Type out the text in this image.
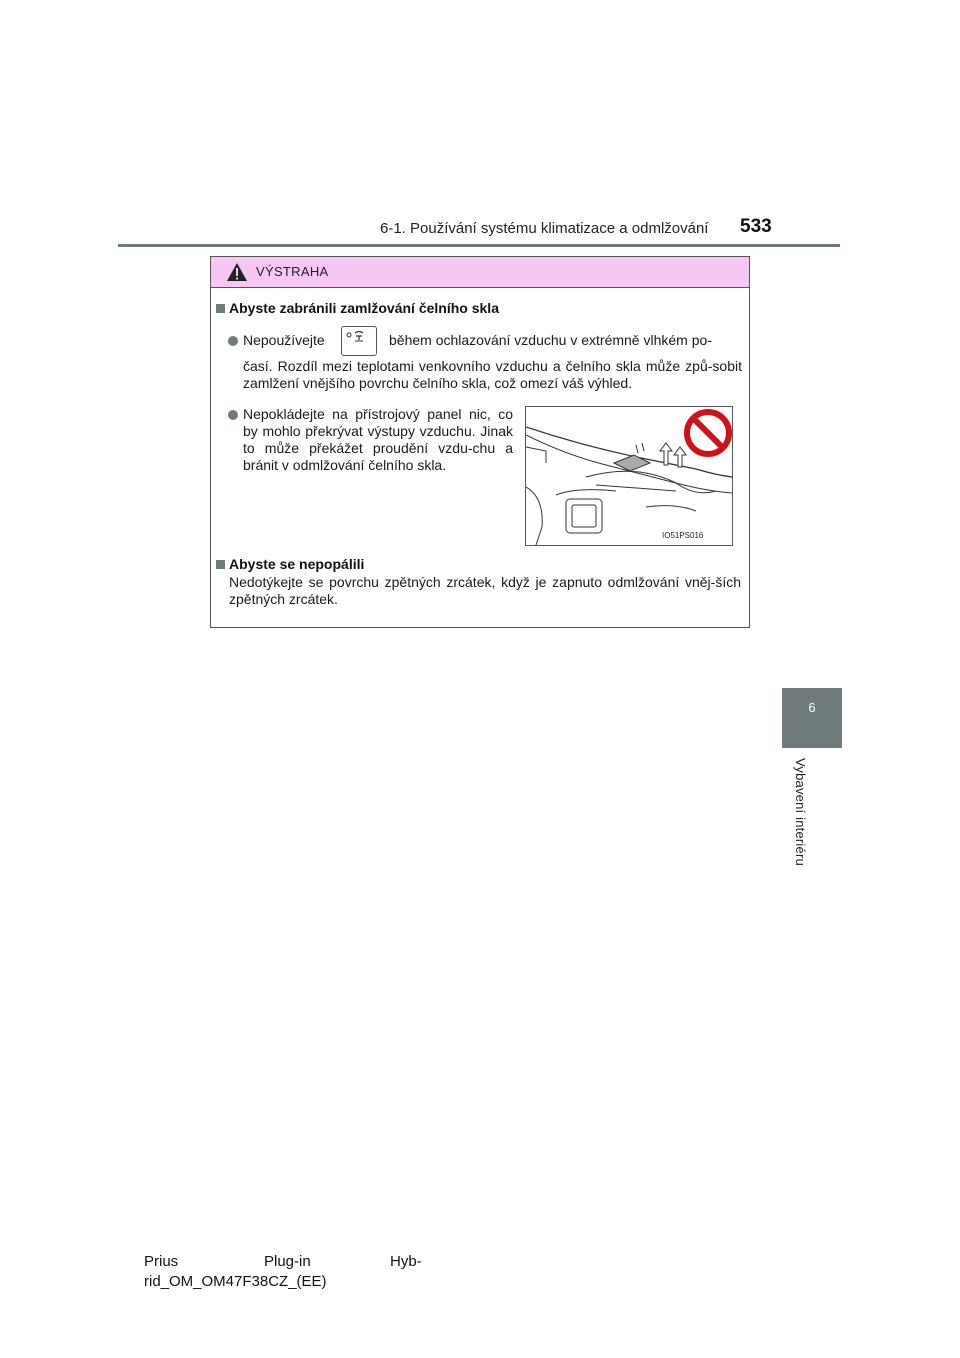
6-1. Používání systému klimatizace a odmlžování 533
6
Vybavení interiéru
VÝSTRAHA
Abyste zabránili zamlžování čelního skla
Nepoužívejte	během ochlazování vzduchu v extrémně vlhkém po-
časí. Rozdíl mezi teplotami venkovního vzduchu a čelního skla může způ-sobit zamlžení vnějšího povrchu čelního skla, což omezí váš výhled.
Nepokládejte na přístrojový panel nic, co by mohlo překrývat výstupy vzduchu. Jinak to může překážet proudění vzdu-chu a bránit v odmlžování čelního skla.
IO51PS016
Abyste se nepopálili
Nedotýkejte se povrchu zpětných zrcátek, když je zapnuto odmlžování vněj-ších zpětných zrcátek.
Prius	Plug-in	Hyb-
rid_OM_OM47F38CZ_(EE)
